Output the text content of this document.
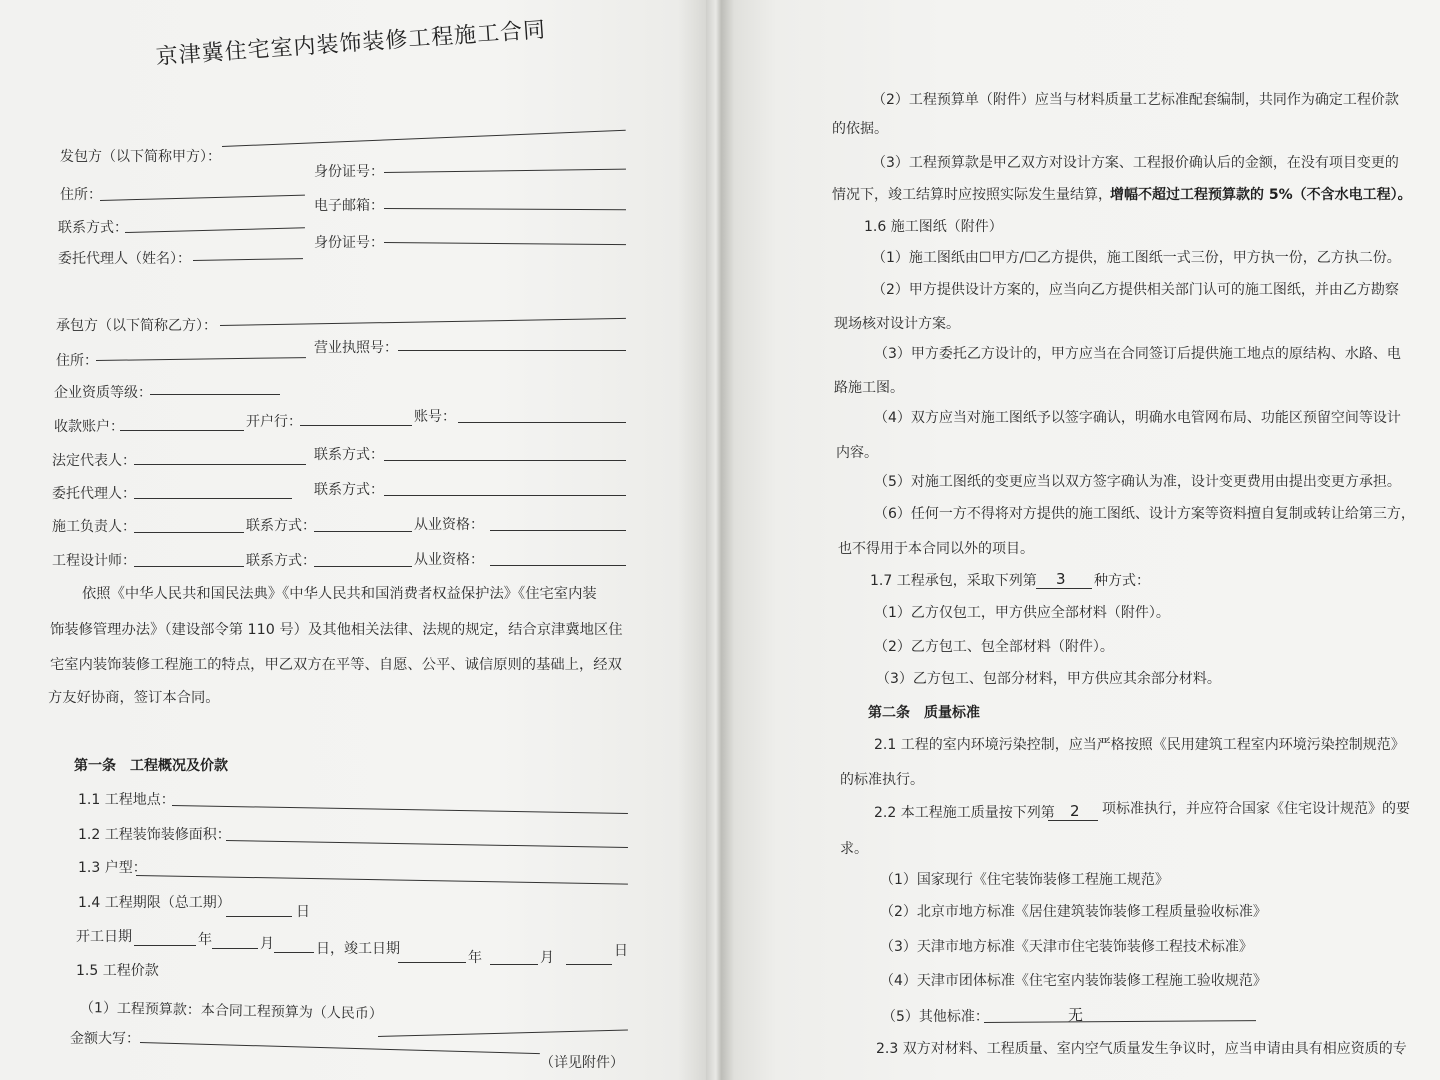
京津冀住宅室内装饰装修工程施工合同
发包方（以下简称甲方）：
住所：
身份证号：
联系方式：
电子邮箱：
委托代理人（姓名）：
身份证号：
承包方（以下简称乙方）：
住所：
营业执照号：
企业资质等级：
收款账户：	开户行：	账号：
法定代表人：	联系方式：
委托代理人：	联系方式：
施工负责人：	联系方式：	从业资格：
工程设计师：	联系方式：	从业资格：
依照《中华人民共和国民法典》《中华人民共和国消费者权益保护法》《住宅室内装
饰装修管理办法》（建设部令第 110 号）及其他相关法律、法规的规定，结合京津冀地区住
宅室内装饰装修工程施工的特点，甲乙双方在平等、自愿、公平、诚信原则的基础上，经双
方友好协商，签订本合同。
第一条　工程概况及价款
1.1 工程地点：
1.2 工程装饰装修面积：
1.3 户型：
1.4 工程期限（总工期）
日
开工日期	年	月	日，竣工日期
年	月	日
1.5 工程价款
（1）工程预算款：本合同工程预算为（人民币）
金额大写：
（详见附件）
（2）工程预算单（附件）应当与材料质量工艺标准配套编制，共同作为确定工程价款
的依据。
（3）工程预算款是甲乙双方对设计方案、工程报价确认后的金额，在没有项目变更的
情况下，竣工结算时应按照实际发生量结算，
增幅不超过工程预算款的 5%（不含水电工程）。
1.6 施工图纸（附件）
（1）施工图纸由☐甲方/☐乙方提供，施工图纸一式三份，甲方执一份，乙方执二份。
（2）甲方提供设计方案的，应当向乙方提供相关部门认可的施工图纸，并由乙方勘察
现场核对设计方案。
（3）甲方委托乙方设计的，甲方应当在合同签订后提供施工地点的原结构、水路、电
路施工图。
（4）双方应当对施工图纸予以签字确认，明确水电管网布局、功能区预留空间等设计
内容。
（5）对施工图纸的变更应当以双方签字确认为准，设计变更费用由提出变更方承担。
（6）任何一方不得将对方提供的施工图纸、设计方案等资料擅自复制或转让给第三方，
也不得用于本合同以外的项目。
1.7 工程承包，采取下列第 3 种方式：
（1）乙方仅包工，甲方供应全部材料（附件）。
（2）乙方包工、包全部材料（附件）。
（3）乙方包工、包部分材料，甲方供应其余部分材料。
第二条　质量标准
2.1 工程的室内环境污染控制，应当严格按照《民用建筑工程室内环境污染控制规范》
的标准执行。
2.2 本工程施工质量按下列第 2 项标准执行，并应符合国家《住宅设计规范》的要
求。
（1）国家现行《住宅装饰装修工程施工规范》
（2）北京市地方标准《居住建筑装饰装修工程质量验收标准》
（3）天津市地方标准《天津市住宅装饰装修工程技术标准》
（4）天津市团体标准《住宅室内装饰装修工程施工验收规范》
（5）其他标准：	无
2.3 双方对材料、工程质量、室内空气质量发生争议时，应当申请由具有相应资质的专
